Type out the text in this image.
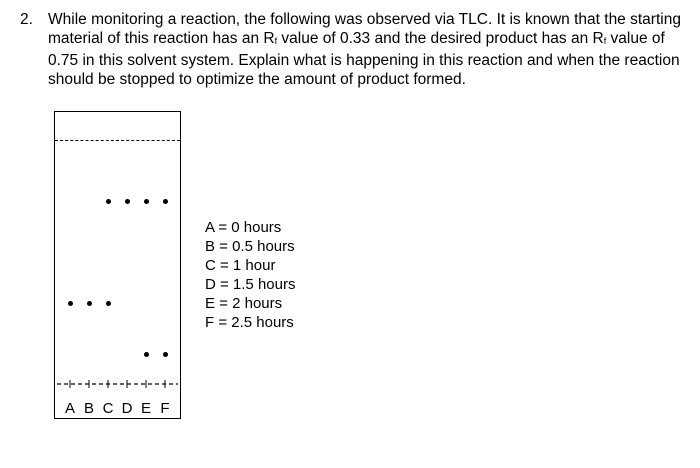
2. While monitoring a reaction, the following was observed via TLC. It is known that the starting material of this reaction has an $R_f$ value of 0.33 and the desired product has an $R_f$ value of 0.75 in this solvent system. Explain what is happening in this reaction and when the reaction should be stopped to optimize the amount of product formed.
A B C D E F
A = 0 hours
B = 0.5 hours
C = 1 hour
D = 1.5 hours
E = 2 hours
F = 2.5 hours
